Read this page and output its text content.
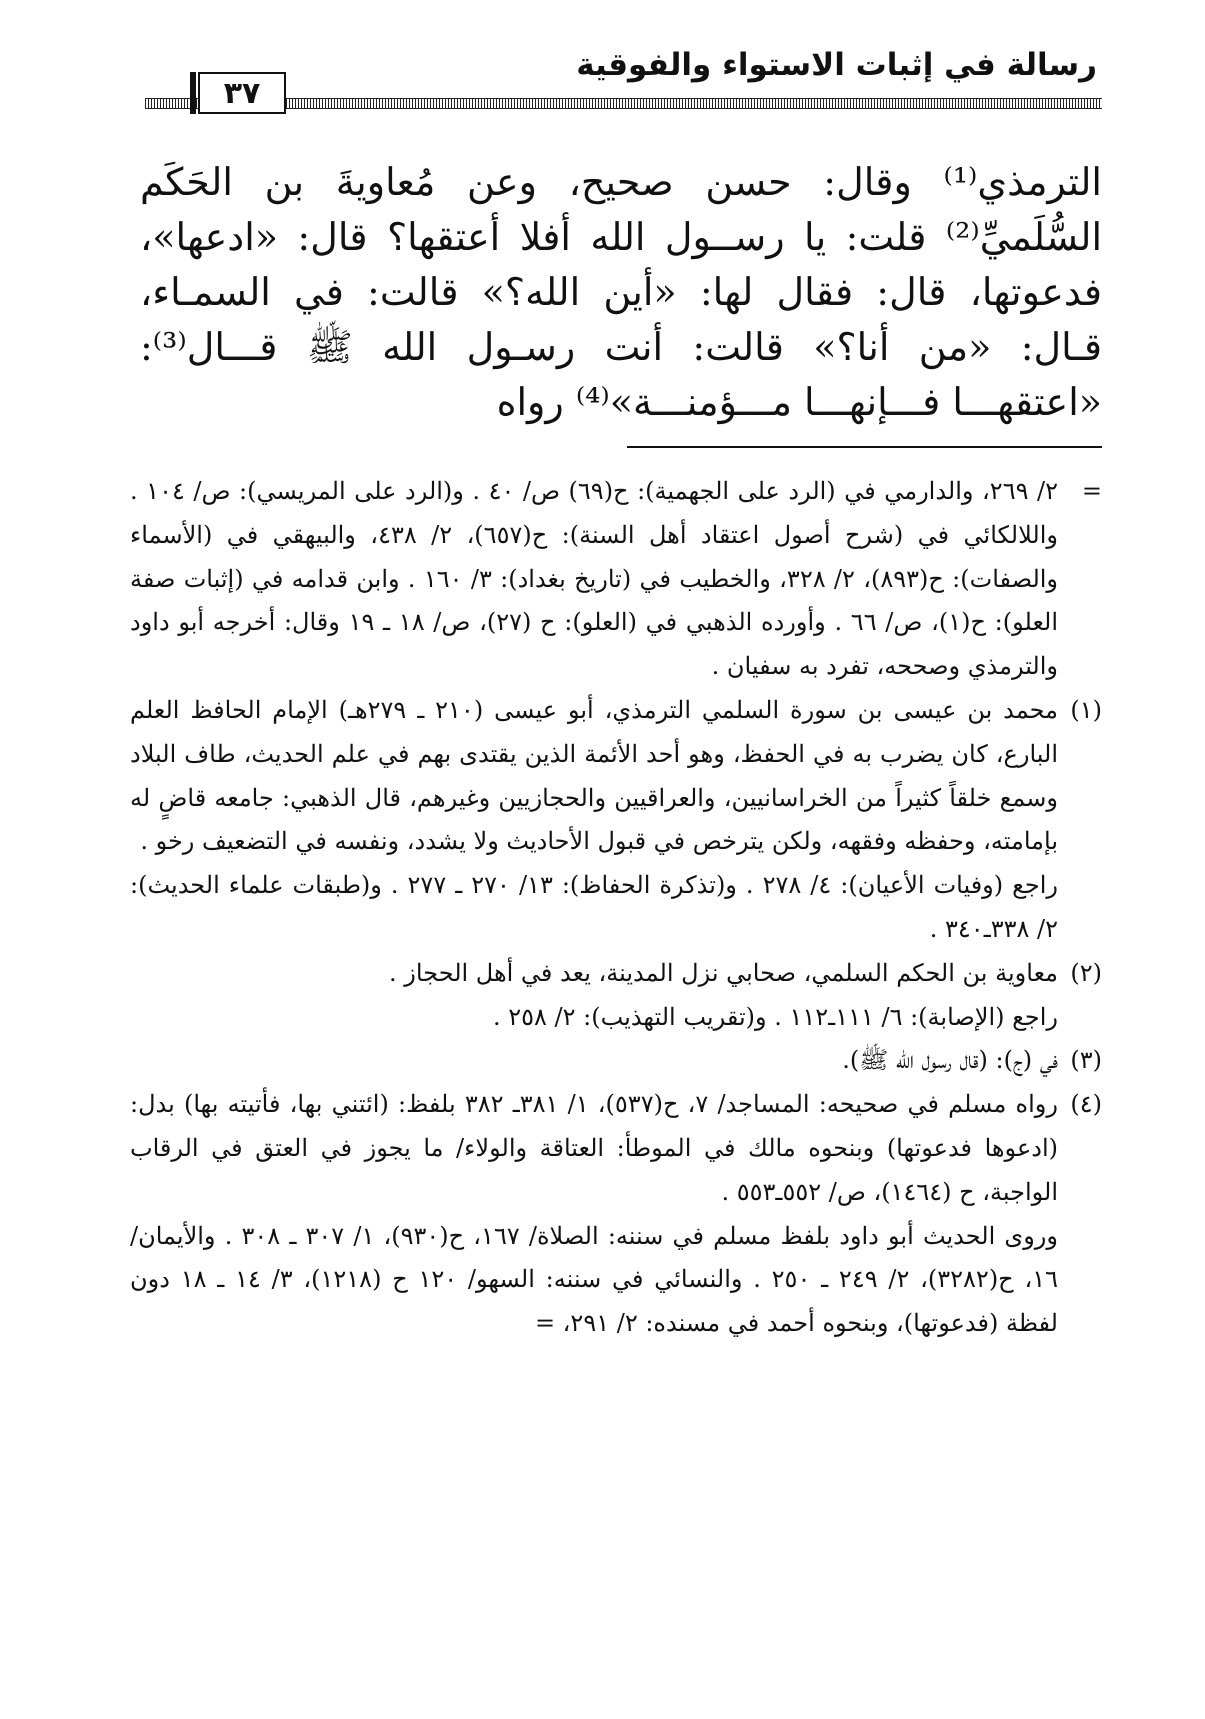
٣٧
رسالة في إثبات الاستواء والفوقية

الترمذي⁽¹⁾ وقال: حسن صحيح، وعن مُعاويةَ بن الحَكَم السُّلَميِّ⁽²⁾ قلت: يا رســول الله أفلا أعتقها؟ قال: «ادعها»، فدعوتها، قال: فقال لها: «أين الله؟» قالت: في السمـاء، قـال: «من أنا؟» قالت: أنت رسـول الله ﷺ قـــال⁽³⁾: «اعتقهـــا فـــإنهـــا مـــؤمنـــة»⁽⁴⁾ رواه

=
٢/ ٢٦٩، والدارمي في (الرد على الجهمية): ح(٦٩) ص/ ٤٠ . و(الرد على المريسي): ص/ ١٠٤ . واللالكائي في (شرح أصول اعتقاد أهل السنة): ح(٦٥٧)، ٢/ ٤٣٨، والبيهقي في (الأسماء والصفات): ح(٨٩٣)، ٢/ ٣٢٨، والخطيب في (تاريخ بغداد): ٣/ ١٦٠ . وابن قدامه في (إثبات صفة العلو): ح(١)، ص/ ٦٦ . وأورده الذهبي في (العلو): ح (٢٧)، ص/ ١٨ ـ ١٩ وقال: أخرجه أبو داود والترمذي وصححه، تفرد به سفيان .
(١)
محمد بن عيسى بن سورة السلمي الترمذي، أبو عيسى (٢١٠ ـ ٢٧٩هـ) الإمام الحافظ العلم البارع، كان يضرب به في الحفظ، وهو أحد الأئمة الذين يقتدى بهم في علم الحديث، طاف البلاد وسمع خلقاً كثيراً من الخراسانيين، والعراقيين والحجازيين وغيرهم، قال الذهبي: جامعه قاضٍ له بإمامته، وحفظه وفقهه، ولكن يترخص في قبول الأحاديث ولا يشدد، ونفسه في التضعيف رخو .
راجع (وفيات الأعيان): ٤/ ٢٧٨ . و(تذكرة الحفاظ): ١٣/ ٢٧٠ ـ ٢٧٧ . و(طبقات علماء الحديث): ٢/ ٣٣٨ـ٣٤٠ .
(٢)
معاوية بن الحكم السلمي، صحابي نزل المدينة، يعد في أهل الحجاز .
راجع (الإصابة): ٦/ ١١١ـ١١٢ . و(تقريب التهذيب): ٢/ ٢٥٨ .
(٣)
في (ج): (قال رسول الله ﷺ).
(٤)
رواه مسلم في صحيحه: المساجد/ ٧، ح(٥٣٧)، ١/ ٣٨١ـ ٣٨٢ بلفظ: (ائتني بها، فأتيته بها) بدل: (ادعوها فدعوتها) وبنحوه مالك في الموطأ: العتاقة والولاء/ ما يجوز في العتق في الرقاب الواجبة، ح (١٤٦٤)، ص/ ٥٥٢ـ٥٥٣ .
وروى الحديث أبو داود بلفظ مسلم في سننه: الصلاة/ ١٦٧، ح(٩٣٠)، ١/ ٣٠٧ ـ ٣٠٨ . والأيمان/ ١٦، ح(٣٢٨٢)، ٢/ ٢٤٩ ـ ٢٥٠ . والنسائي في سننه: السهو/ ١٢٠ ح (١٢١٨)، ٣/ ١٤ ـ ١٨ دون لفظة (فدعوتها)، وبنحوه أحمد في مسنده: ٢/ ٢٩١، =
